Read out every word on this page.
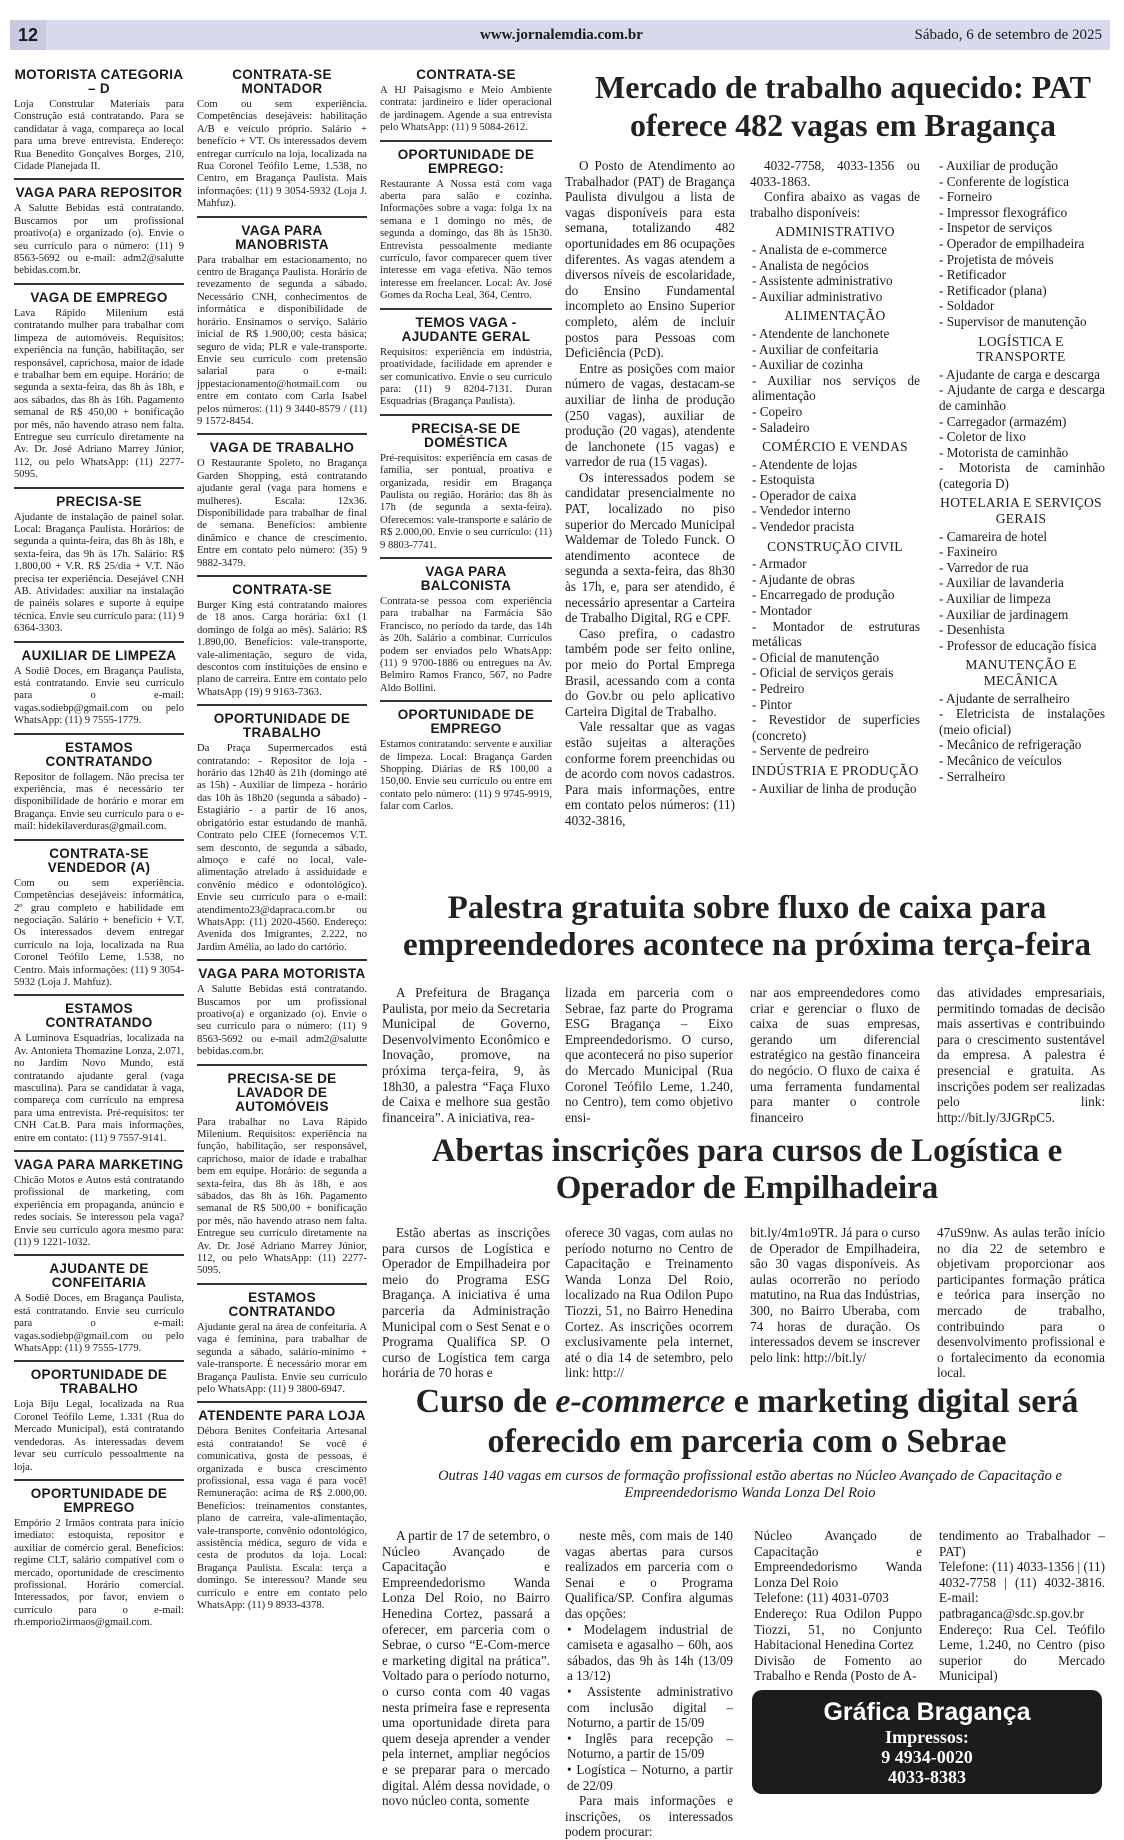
12	www.jornalemdia.com.br	Sábado, 6 de setembro de 2025
MOTORISTA CATEGORIA – D

Loja Constrular Materiais para Construção está contratando. Para se candidatar à vaga, compareça ao local para uma breve entrevista. Endereço: Rua Benedito Gonçalves Borges, 210, Cidade Planejada II.

VAGA PARA REPOSITOR

A Salutte Bebidas está contratando. Buscamos por um profissional proativo(a) e organizado (o). Envie o seu currículo para o número: (11) 9 8563-5692 ou e-mail: adm2@salutte bebidas.com.br.

VAGA DE EMPREGO

Lava Rápido Milenium está contratando mulher para trabalhar com limpeza de automóveis. Requisitos: experiência na função, habilitação, ser responsável, caprichosa, maior de idade e trabalhar bem em equipe. Horário: de segunda a sexta-feira, das 8h às 18h, e aos sábados, das 8h às 16h. Pagamento semanal de R$ 450,00 + bonificação por mês, não havendo atraso nem falta. Entregue seu currículo diretamente na Av. Dr. José Adriano Marrey Júnior, 112, ou pelo WhatsApp: (11) 2277-5095.

PRECISA-SE

Ajudante de instalação de painel solar. Local: Bragança Paulista. Horários: de segunda a quinta-feira, das 8h às 18h, e sexta-feira, das 9h às 17h. Salário: R$ 1.800,00 + V.R. R$ 25/dia + V.T. Não precisa ter experiência. Desejável CNH AB. Atividades: auxiliar na instalação de painéis solares e suporte à equipe técnica. Envie seu currículo para: (11) 9 6364-3303.

AUXILIAR DE LIMPEZA

A Sodiê Doces, em Bragança Paulista, está contratando. Envie seu currículo para o e-mail: vagas.sodiebp@gmail.com ou pelo WhatsApp: (11) 9 7555-1779.

ESTAMOS CONTRATANDO

Repositor de follagem. Não precisa ter experiência, mas é necessário ter disponibilidade de horário e morar em Bragança. Envie seu currículo para o e-mail: hidekilaverduras@gmail.com.

CONTRATA-SE VENDEDOR (A)

Com ou sem experiência. Competências desejáveis: informática, 2º grau completo e habilidade em negociação. Salário + benefício + V.T. Os interessados devem entregar currículo na loja, localizada na Rua Coronel Teófilo Leme, 1.538, no Centro. Mais informações: (11) 9 3054-5932 (Loja J. Mahfuz).

ESTAMOS CONTRATANDO

A Luminova Esquadrias, localizada na Av. Antonieta Thomazine Lonza, 2.071, no Jardim Novo Mundo, está contratando ajudante geral (vaga masculina). Para se candidatar à vaga, compareça com currículo na empresa para uma entrevista. Pré-requisitos: ter CNH Cat.B. Para mais informações, entre em contato: (11) 9 7557-9141.

VAGA PARA MARKETING

Chicão Motos e Autos está contratando profissional de marketing, com experiência em propaganda, anúncio e redes sociais. Se interessou pela vaga? Envie seu currículo agora mesmo para: (11) 9 1221-1032.

AJUDANTE DE CONFEITARIA

A Sodiê Doces, em Bragança Paulista, está contratando. Envie seu currículo para o e-mail: vagas.sodiebp@gmail.com ou pelo WhatsApp: (11) 9 7555-1779.

OPORTUNIDADE DE TRABALHO

Loja Biju Legal, localizada na Rua Coronel Teófilo Leme, 1.331 (Rua do Mercado Municipal), está contratando vendedoras. As interessadas devem levar seu currículo pessoalmente na loja.

OPORTUNIDADE DE EMPREGO

Empório 2 Irmãos contrata para início imediato: estoquista, repositor e auxiliar de comércio geral. Benefícios: regime CLT, salário compatível com o mercado, oportunidade de crescimento profissional. Horário comercial. Interessados, por favor, enviem o currículo para o e-mail: rh.emporio2irmaos@gmail.com.

CONTRATA-SE MONTADOR

Com ou sem experiência. Competências desejáveis: habilitação A/B e veículo próprio. Salário + benefício + VT. Os interessados devem entregar currículo na loja, localizada na Rua Coronel Teófilo Leme, 1.538, no Centro, em Bragança Paulista. Mais informações: (11) 9 3054-5932 (Loja J. Mahfuz).

VAGA PARA MANOBRISTA

Para trabalhar em estacionamento, no centro de Bragança Paulista. Horário de revezamento de segunda a sábado. Necessário CNH, conhecimentos de informática e disponibilidade de horário. Ensinamos o serviço. Salário inicial de R$ 1.900,00; cesta básica; seguro de vida; PLR e vale-transporte. Envie seu currículo com pretensão salarial para o e-mail: jppestacionamento@hotmail.com ou entre em contato com Carla Isabel pelos números: (11) 9 3440-8579 / (11) 9 1572-8454.

VAGA DE TRABALHO

O Restaurante Spoleto, no Bragança Garden Shopping, está contratando ajudante geral (vaga para homens e mulheres). Escala: 12x36. Disponibilidade para trabalhar de final de semana. Benefícios: ambiente dinâmico e chance de crescimento. Entre em contato pelo número: (35) 9 9882-3479.

CONTRATA-SE

Burger King está contratando maiores de 18 anos. Carga horária: 6x1 (1 domingo de folga ao mês). Salário: R$ 1.890,00. Benefícios: vale-transporte, vale-alimentação, seguro de vida, descontos com instituições de ensino e plano de carreira. Entre em contato pelo WhatsApp (19) 9 9163-7363.

OPORTUNIDADE DE TRABALHO

Da Praça Supermercados está contratando: - Repositor de loja - horário das 12h40 às 21h (domingo até as 15h) - Auxiliar de limpeza - horário das 10h às 18h20 (segunda a sábado) - Estagiário - a partir de 16 anos, obrigatório estar estudando de manhã. Contrato pelo CIEE (fornecemos V.T. sem desconto, de segunda a sábado, almoço e café no local, vale-alimentação atrelado à assiduidade e convênio médico e odontológico). Envie seu currículo para o e-mail: atendimento23@dapraca.com.br ou WhatsApp: (11) 2020-4560. Endereço: Avenida dos Imigrantes, 2.222, no Jardim Amélia, ao lado do cartório.

VAGA PARA MOTORISTA

A Salutte Bebidas está contratando. Buscamos por um profissional proativo(a) e organizado (o). Envie o seu currículo para o número: (11) 9 8563-5692 ou e-mail adm2@salutte bebidas.com.br.

PRECISA-SE DE LAVADOR DE AUTOMÓVEIS

Para trabalhar no Lava Rápido Milenium. Requisitos: experiência na função, habilitação, ser responsável, caprichoso, maior de idade e trabalhar bem em equipe. Horário: de segunda a sexta-feira, das 8h às 18h, e aos sábados, das 8h às 16h. Pagamento semanal de R$ 500,00 + bonificação por mês, não havendo atraso nem falta. Entregue seu currículo diretamente na Av. Dr. José Adriano Marrey Júnior, 112, ou pelo WhatsApp: (11) 2277-5095.

ESTAMOS CONTRATANDO

Ajudante geral na área de confeitaria. A vaga é feminina, para trabalhar de segunda a sábado, salário-mínimo + vale-transporte. É necessário morar em Bragança Paulista. Envie seu currículo pelo WhatsApp: (11) 9 3800-6947.

ATENDENTE PARA LOJA

Débora Benites Confeitaria Artesanal está contratando! Se você é comunicativa, gosta de pessoas, é organizada e busca crescimento profissional, essa vaga é para você! Remuneração: acima de R$ 2.000,00. Benefícios: treinamentos constantes, plano de carreira, vale-alimentação, vale-transporte, convênio odontológico, assistência médica, seguro de vida e cesta de produtos da loja. Local: Bragança Paulista. Escala: terça a domingo. Se interessou? Mande seu currículo e entre em contato pelo WhatsApp: (11) 9 8933-4378.

CONTRATA-SE

A HJ Paisagismo e Meio Ambiente contrata: jardineiro e líder operacional de jardinagem. Agende a sua entrevista pelo WhatsApp: (11) 9 5084-2612.

OPORTUNIDADE DE EMPREGO:

Restaurante A Nossa está com vaga aberta para salão e cozinha. Informações sobre a vaga: folga 1x na semana e 1 domingo no mês, de segunda a domingo, das 8h às 15h30. Entrevista pessoalmente mediante currículo, favor comparecer quem tiver interesse em vaga efetiva. Não temos interesse em freelancer. Local: Av. José Gomes da Rocha Leal, 364, Centro.

TEMOS VAGA - AJUDANTE GERAL

Requisitos: experiência em indústria, proatividade, facilidade em aprender e ser comunicativo. Envie o seu currículo para: (11) 9 8204-7131. Duran Esquadrias (Bragança Paulista).

PRECISA-SE DE DOMÉSTICA

Pré-requisitos: experiência em casas de família, ser pontual, proativa e organizada, residir em Bragança Paulista ou região. Horário: das 8h às 17h (de segunda a sexta-feira). Oferecemos: vale-transporte e salário de R$ 2.000,00. Envie o seu currículo: (11) 9 8803-7741.

VAGA PARA BALCONISTA

Contrata-se pessoa com experiência para trabalhar na Farmácia São Francisco, no período da tarde, das 14h às 20h. Salário a combinar. Currículos podem ser enviados pelo WhatsApp: (11) 9 9700-1886 ou entregues na Av. Belmiro Ramos Franco, 567, no Padre Aldo Bollini.

OPORTUNIDADE DE EMPREGO

Estamos contratando: servente e auxiliar de limpeza. Local: Bragança Garden Shopping. Diárias de R$ 100,00 a 150,00. Envie seu currículo ou entre em contato pelo número: (11) 9 9745-9919, falar com Carlos.

Mercado de trabalho aquecido: PAT oferece 482 vagas em Bragança

O Posto de Atendimento ao Trabalhador (PAT) de Bragança Paulista divulgou a lista de vagas disponíveis para esta semana, totalizando 482 oportunidades em 86 ocupações diferentes. As vagas atendem a diversos níveis de escolaridade, do Ensino Fundamental incompleto ao Ensino Superior completo, além de incluir postos para Pessoas com Deficiência (PcD).

Entre as posições com maior número de vagas, destacam-se auxiliar de linha de produção (250 vagas), auxiliar de produção (20 vagas), atendente de lanchonete (15 vagas) e varredor de rua (15 vagas).

Os interessados podem se candidatar presencialmente no PAT, localizado no piso superior do Mercado Municipal Waldemar de Toledo Funck. O atendimento acontece de segunda a sexta-feira, das 8h30 às 17h, e, para ser atendido, é necessário apresentar a Carteira de Trabalho Digital, RG e CPF.

Caso prefira, o cadastro também pode ser feito online, por meio do Portal Emprega Brasil, acessando com a conta do Gov.br ou pelo aplicativo Carteira Digital de Trabalho.

Vale ressaltar que as vagas estão sujeitas a alterações conforme forem preenchidas ou de acordo com novos cadastros. Para mais informações, entre em contato pelos números: (11) 4032-3816,

4032-7758, 4033-1356 ou 4033-1863.

Confira abaixo as vagas de trabalho disponíveis:

ADMINISTRATIVO

- Analista de e-commerce

- Analista de negócios

- Assistente administrativo

- Auxiliar administrativo

ALIMENTAÇÃO

- Atendente de lanchonete

- Auxiliar de confeitaria

- Auxiliar de cozinha

- Auxiliar nos serviços de alimentação

- Copeiro

- Saladeiro

COMÉRCIO E VENDAS

- Atendente de lojas

- Estoquista

- Operador de caixa

- Vendedor interno

- Vendedor pracista

CONSTRUÇÃO CIVIL

- Armador

- Ajudante de obras

- Encarregado de produção

- Montador

- Montador de estruturas metálicas

- Oficial de manutenção

- Oficial de serviços gerais

- Pedreiro

- Pintor

- Revestidor de superfícies (concreto)

- Servente de pedreiro

INDÚSTRIA E PRODUÇÃO

- Auxiliar de linha de produção

- Auxiliar de produção

- Conferente de logística

- Forneiro

- Impressor flexográfico

- Inspetor de serviços

- Operador de empilhadeira

- Projetista de móveis

- Retificador

- Retificador (plana)

- Soldador

- Supervisor de manutenção

LOGÍSTICA E TRANSPORTE

- Ajudante de carga e descarga

- Ajudante de carga e descarga de caminhão

- Carregador (armazém)

- Coletor de lixo

- Motorista de caminhão

- Motorista de caminhão (categoria D)

HOTELARIA E SERVIÇOS GERAIS

- Camareira de hotel

- Faxineiro

- Varredor de rua

- Auxiliar de lavanderia

- Auxiliar de limpeza

- Auxiliar de jardinagem

- Desenhista

- Professor de educação física

MANUTENÇÃO E MECÂNICA

- Ajudante de serralheiro

- Eletricista de instalações (meio oficial)

- Mecânico de refrigeração

- Mecânico de veículos

- Serralheiro

Palestra gratuita sobre fluxo de caixa para empreendedores acontece na próxima terça-feira

A Prefeitura de Bragança Paulista, por meio da Secretaria Municipal de Governo, Desenvolvimento Econômico e Inovação, promove, na próxima terça-feira, 9, às 18h30, a palestra “Faça Fluxo de Caixa e melhore sua gestão financeira”. A iniciativa, rea-

lizada em parceria com o Sebrae, faz parte do Programa ESG Bragança – Eixo Empreendedorismo. O curso, que acontecerá no piso superior do Mercado Municipal (Rua Coronel Teófilo Leme, 1.240, no Centro), tem como objetivo ensi-

nar aos empreendedores como criar e gerenciar o fluxo de caixa de suas empresas, gerando um diferencial estratégico na gestão financeira do negócio. O fluxo de caixa é uma ferramenta fundamental para manter o controle financeiro

das atividades empresariais, permitindo tomadas de decisão mais assertivas e contribuindo para o crescimento sustentável da empresa. A palestra é presencial e gratuita. As inscrições podem ser realizadas pelo link: http://bit.ly/3JGRpC5.

Abertas inscrições para cursos de Logística e Operador de Empilhadeira

Estão abertas as inscrições para cursos de Logística e Operador de Empilhadeira por meio do Programa ESG Bragança. A iniciativa é uma parceria da Administração Municipal com o Sest Senat e o Programa Qualifica SP. O curso de Logística tem carga horária de 70 horas e

oferece 30 vagas, com aulas no período noturno no Centro de Capacitação e Treinamento Wanda Lonza Del Roio, localizado na Rua Odilon Pupo Tiozzi, 51, no Bairro Henedina Cortez. As inscrições ocorrem exclusivamente pela internet, até o dia 14 de setembro, pelo link: http://

bit.ly/4m1o9TR. Já para o curso de Operador de Empilhadeira, são 30 vagas disponíveis. As aulas ocorrerão no período matutino, na Rua das Indústrias, 300, no Bairro Uberaba, com 74 horas de duração. Os interessados devem se inscrever pelo link: http://bit.ly/

47uS9nw. As aulas terão início no dia 22 de setembro e objetivam proporcionar aos participantes formação prática e teórica para inserção no mercado de trabalho, contribuindo para o desenvolvimento profissional e o fortalecimento da economia local.

Curso de e-commerce e marketing digital será oferecido em parceria com o Sebrae
Outras 140 vagas em cursos de formação profissional estão abertas no Núcleo Avançado de Capacitação e Empreendedorismo Wanda Lonza Del Roio

A partir de 17 de setembro, o Núcleo Avançado de Capacitação e Empreendedorismo Wanda Lonza Del Roio, no Bairro Henedina Cortez, passará a oferecer, em parceria com o Sebrae, o curso “E-Com-merce e marketing digital na prática”. Voltado para o período noturno, o curso conta com 40 vagas nesta primeira fase e representa uma oportunidade direta para quem deseja aprender a vender pela internet, ampliar negócios e se preparar para o mercado digital. Além dessa novidade, o novo núcleo conta, somente

neste mês, com mais de 140 vagas abertas para cursos realizados em parceria com o Senai e o Programa Qualifica/SP. Confira algumas das opções:

• Modelagem industrial de camiseta e agasalho – 60h, aos sábados, das 9h às 14h (13/09 a 13/12)

• Assistente administrativo com inclusão digital – Noturno, a partir de 15/09

• Inglês para recepção – Noturno, a partir de 15/09

• Logística – Noturno, a partir de 22/09

Para mais informações e inscrições, os interessados podem procurar:

Núcleo Avançado de Capacitação e Empreendedorismo Wanda Lonza Del Roio

Telefone: (11) 4031-0703

Endereço: Rua Odilon Puppo Tiozzi, 51, no Conjunto Habitacional Henedina Cortez

Divisão de Fomento ao Trabalho e Renda (Posto de A-

tendimento ao Trabalhador – PAT)

Telefone: (11) 4033-1356 | (11) 4032-7758 | (11) 4032-3816. E-mail: patbraganca@sdc.sp.gov.br

Endereço: Rua Cel. Teófilo Leme, 1.240, no Centro (piso superior do Mercado Municipal)

Gráfica Bragança
Impressos:
9 4934-0020
4033-8383
